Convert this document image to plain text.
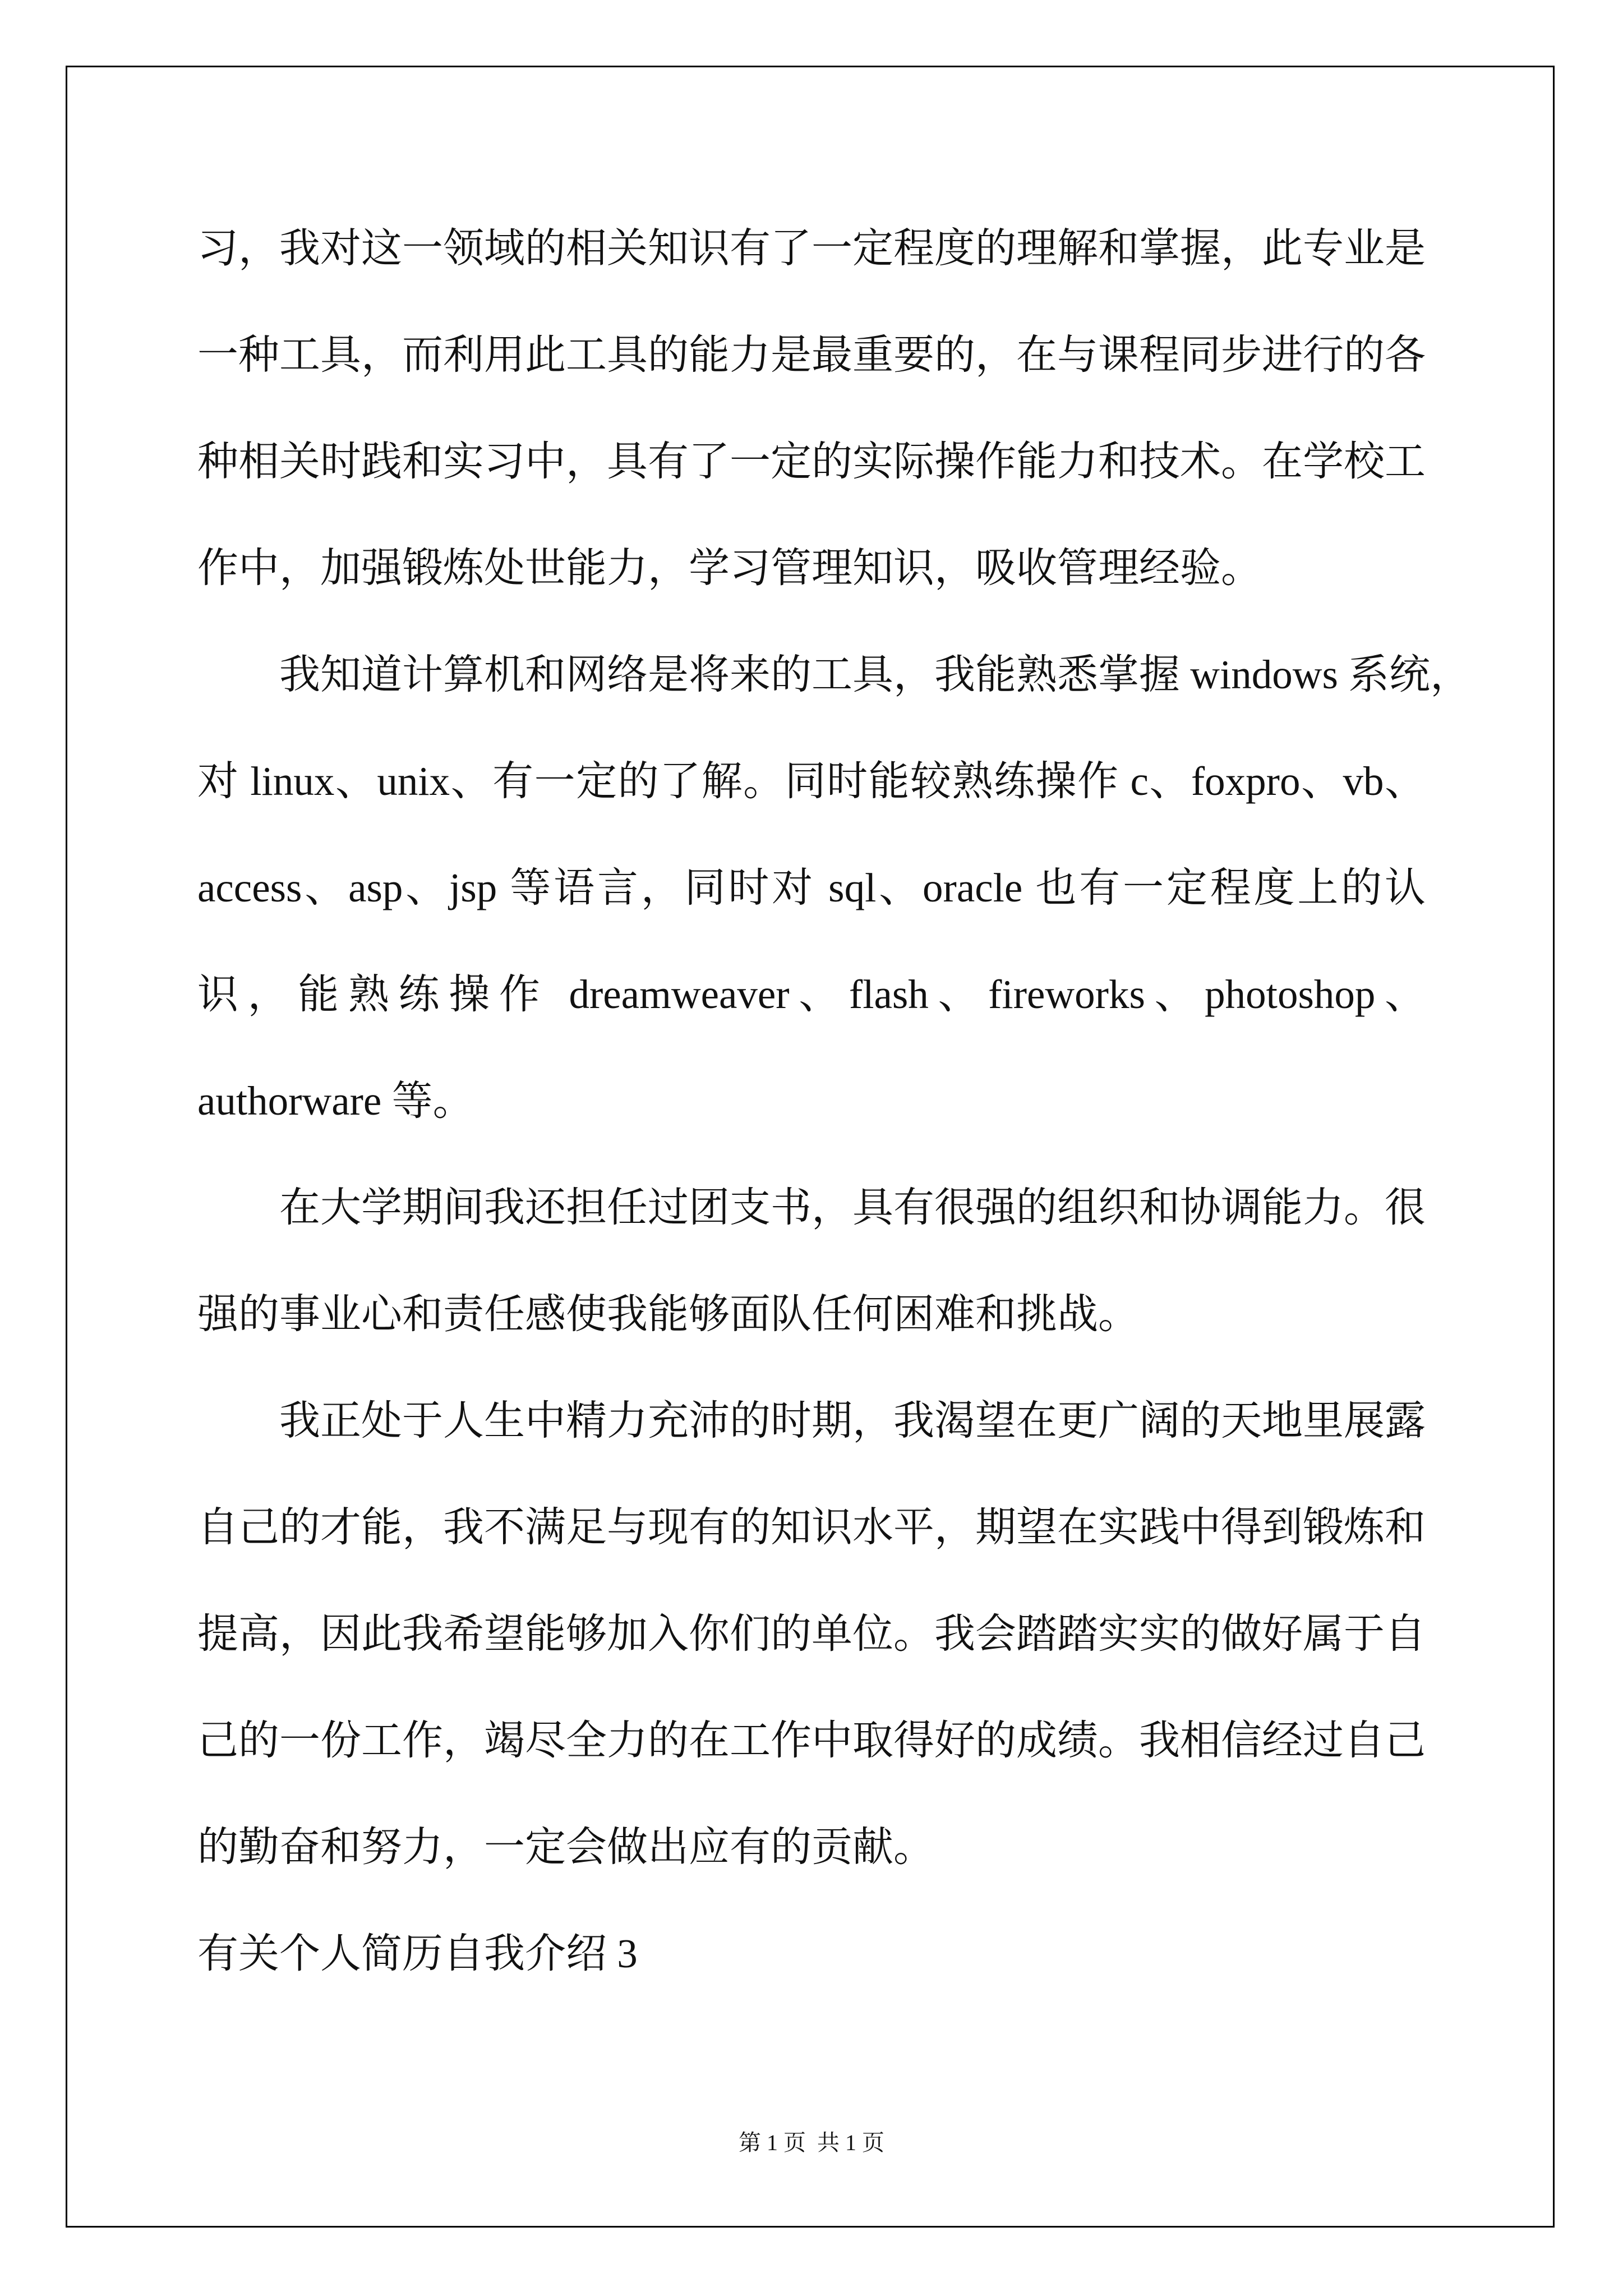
习，我对这一领域的相关知识有了一定程度的理解和掌握，此专业是
一种工具，而利用此工具的能力是最重要的，在与课程同步进行的各
种相关时践和实习中，具有了一定的实际操作能力和技术。在学校工
作中，加强锻炼处世能力，学习管理知识，吸收管理经验。
我知道计算机和网络是将来的工具，我能熟悉掌握 windows 系统，
对 linux、unix、有一定的了解。同时能较熟练操作 c、foxpro、vb、
access、asp、jsp 等语言，同时对 sql、oracle 也有一定程度上的认
识，能熟练操作 dreamweaver、flash、fireworks、photoshop、
authorware 等。
在大学期间我还担任过团支书，具有很强的组织和协调能力。很
强的事业心和责任感使我能够面队任何困难和挑战。
我正处于人生中精力充沛的时期，我渴望在更广阔的天地里展露
自己的才能，我不满足与现有的知识水平，期望在实践中得到锻炼和
提高，因此我希望能够加入你们的单位。我会踏踏实实的做好属于自
己的一份工作，竭尽全力的在工作中取得好的成绩。我相信经过自己
的勤奋和努力，一定会做出应有的贡献。
有关个人简历自我介绍 3
第 1 页  共 1 页
